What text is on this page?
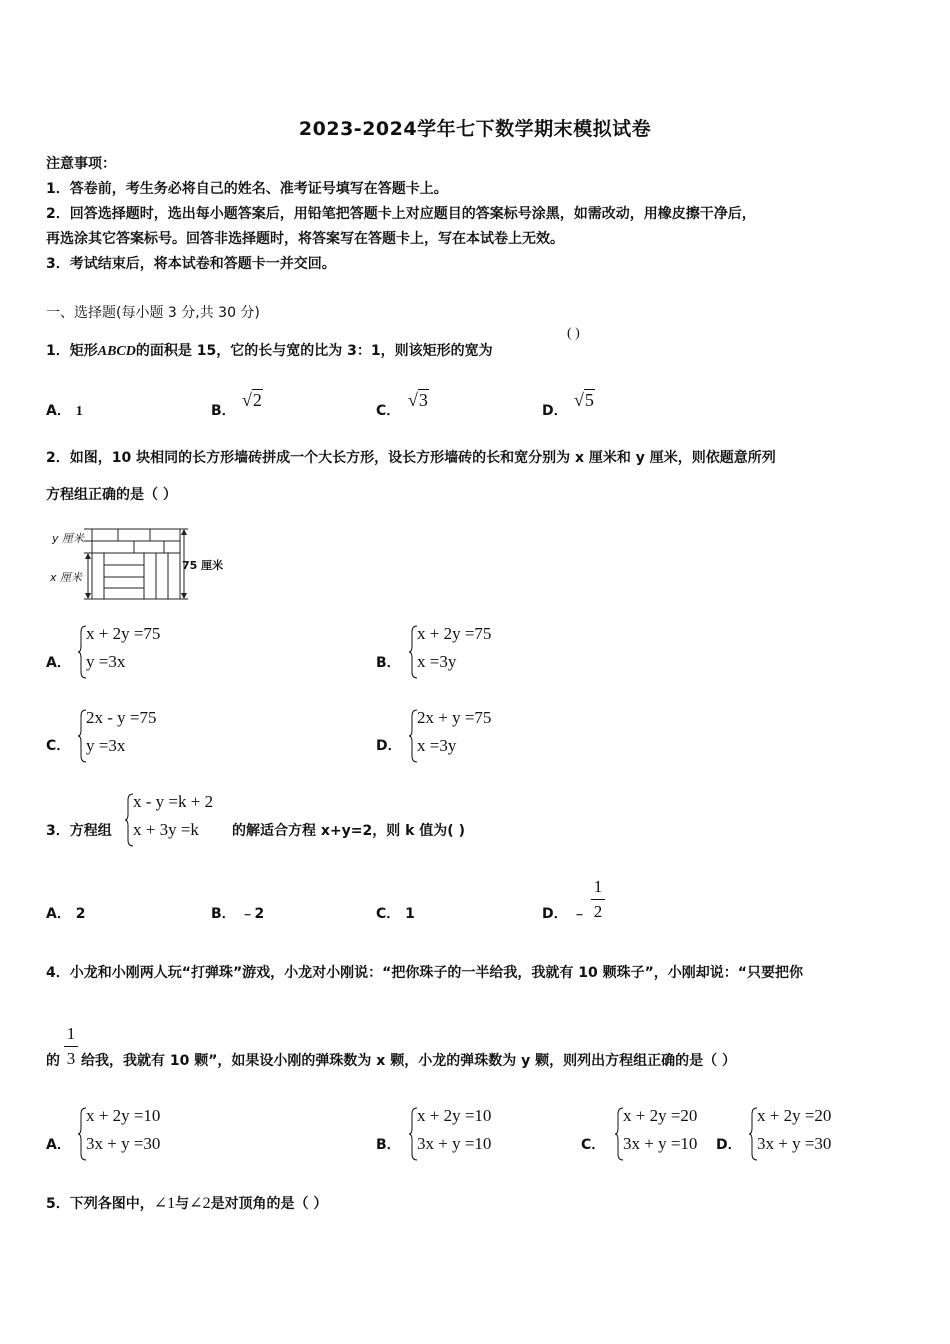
2023-2024学年七下数学期末模拟试卷
注意事项：
1．答卷前，考生务必将自己的姓名、准考证号填写在答题卡上。
2．回答选择题时，选出每小题答案后，用铅笔把答题卡上对应题目的答案标号涂黑，如需改动，用橡皮擦干净后，
再选涂其它答案标号。回答非选择题时，将答案写在答题卡上，写在本试卷上无效。
3．考试结束后，将本试卷和答题卡一并交回。
一、选择题(每小题 3 分,共 30 分)
1．矩形ABCD的面积是 15，它的长与宽的比为 3：1，则该矩形的宽为
( )
A． 1	B．
√2
C．
√3
D．
√5
2．如图，10 块相同的长方形墙砖拼成一个大长方形，设长方形墙砖的长和宽分别为 x 厘米和 y 厘米，则依题意所列
方程组正确的是（ ）
y 厘米
x 厘米
75 厘米
A．
x + 2y =75
y =3x	B．
x + 2y =75
x =3y
C．
2x - y =75
y =3x	D．
2x + y =75
x =3y
3．方程组
x - y =k + 2
x + 3y =k 的解适合方程 x+y=2，则 k 值为( )
A． 2	B． ﹣2	C． 1	D． ﹣
1
2
4．小龙和小刚两人玩“打弹珠”游戏，小龙对小刚说：“把你珠子的一半给我，我就有 10 颗珠子”，小刚却说：“只要把你
的
1
3 给我，我就有 10 颗”，如果设小刚的弹珠数为 x 颗，小龙的弹珠数为 y 颗，则列出方程组正确的是（ ）
A．
x + 2y =10
3x + y =30	B．
x + 2y =10
3x + y =10	C．
x + 2y =20
3x + y =10 D．
x + 2y =20
3x + y =30
5．下列各图中，∠1与∠2是对顶角的是（ ）
